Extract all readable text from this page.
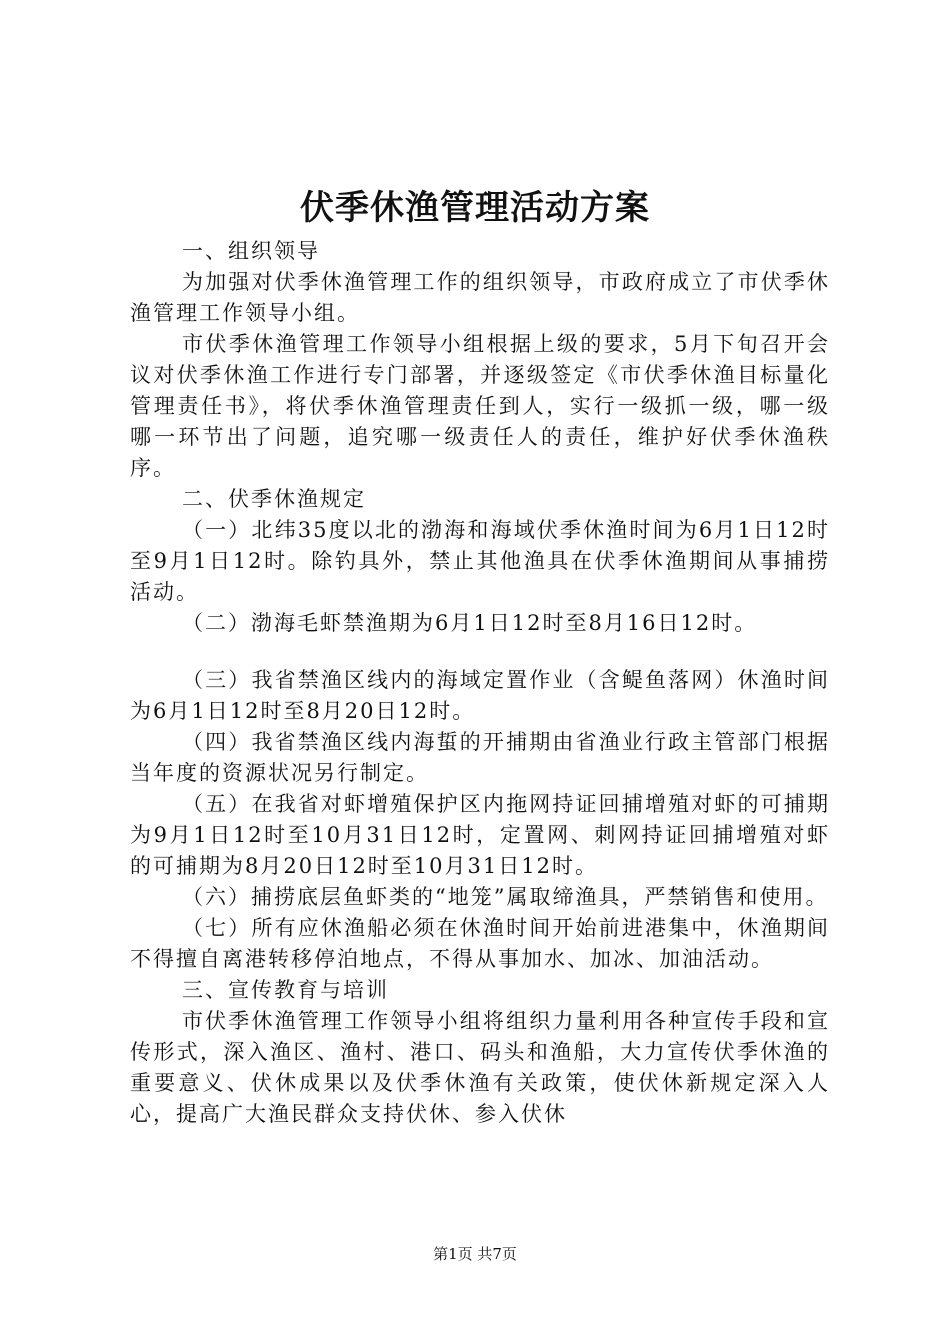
伏季休渔管理活动方案

一、组织领导

为加强对伏季休渔管理工作的组织领导，市政府成立了市伏季休渔管理工作领导小组。

市伏季休渔管理工作领导小组根据上级的要求，5月下旬召开会议对伏季休渔工作进行专门部署，并逐级签定《市伏季休渔目标量化管理责任书》，将伏季休渔管理责任到人，实行一级抓一级，哪一级哪一环节出了问题，追究哪一级责任人的责任，维护好伏季休渔秩序。

二、伏季休渔规定

（一）北纬35度以北的渤海和海域伏季休渔时间为6月1日12时至9月1日12时。除钓具外，禁止其他渔具在伏季休渔期间从事捕捞活动。

（二）渤海毛虾禁渔期为6月1日12时至8月16日12时。

（三）我省禁渔区线内的海域定置作业（含鳀鱼落网）休渔时间为6月1日12时至8月20日12时。

（四）我省禁渔区线内海蜇的开捕期由省渔业行政主管部门根据当年度的资源状况另行制定。

（五）在我省对虾增殖保护区内拖网持证回捕增殖对虾的可捕期为9月1日12时至10月31日12时，定置网、刺网持证回捕增殖对虾的可捕期为8月20日12时至10月31日12时。

（六）捕捞底层鱼虾类的“地笼”属取缔渔具，严禁销售和使用。

（七）所有应休渔船必须在休渔时间开始前进港集中，休渔期间不得擅自离港转移停泊地点，不得从事加水、加冰、加油活动。

三、宣传教育与培训

市伏季休渔管理工作领导小组将组织力量利用各种宣传手段和宣传形式，深入渔区、渔村、港口、码头和渔船，大力宣传伏季休渔的重要意义、伏休成果以及伏季休渔有关政策，使伏休新规定深入人心，提高广大渔民群众支持伏休、参入伏休

第1页 共7页
